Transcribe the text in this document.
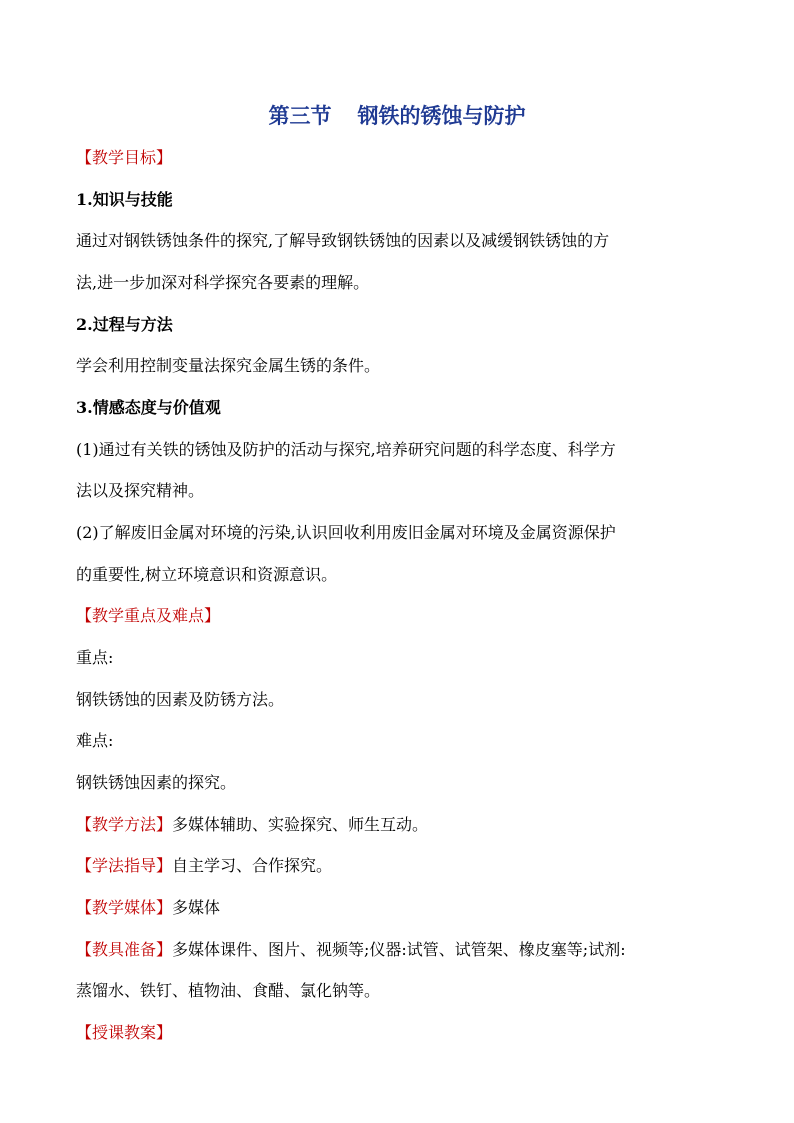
第三节 钢铁的锈蚀与防护
【教学目标】
1.知识与技能
通过对钢铁锈蚀条件的探究,了解导致钢铁锈蚀的因素以及减缓钢铁锈蚀的方
法,进一步加深对科学探究各要素的理解。
2.过程与方法
学会利用控制变量法探究金属生锈的条件。
3.情感态度与价值观
(1)通过有关铁的锈蚀及防护的活动与探究,培养研究问题的科学态度、科学方
法以及探究精神。
(2)了解废旧金属对环境的污染,认识回收利用废旧金属对环境及金属资源保护
的重要性,树立环境意识和资源意识。
【教学重点及难点】
重点:
钢铁锈蚀的因素及防锈方法。
难点:
钢铁锈蚀因素的探究。
【教学方法】多媒体辅助、实验探究、师生互动。
【学法指导】自主学习、合作探究。
【教学媒体】多媒体
【教具准备】多媒体课件、图片、视频等;仪器:试管、试管架、橡皮塞等;试剂:
蒸馏水、铁钉、植物油、食醋、氯化钠等。
【授课教案】
